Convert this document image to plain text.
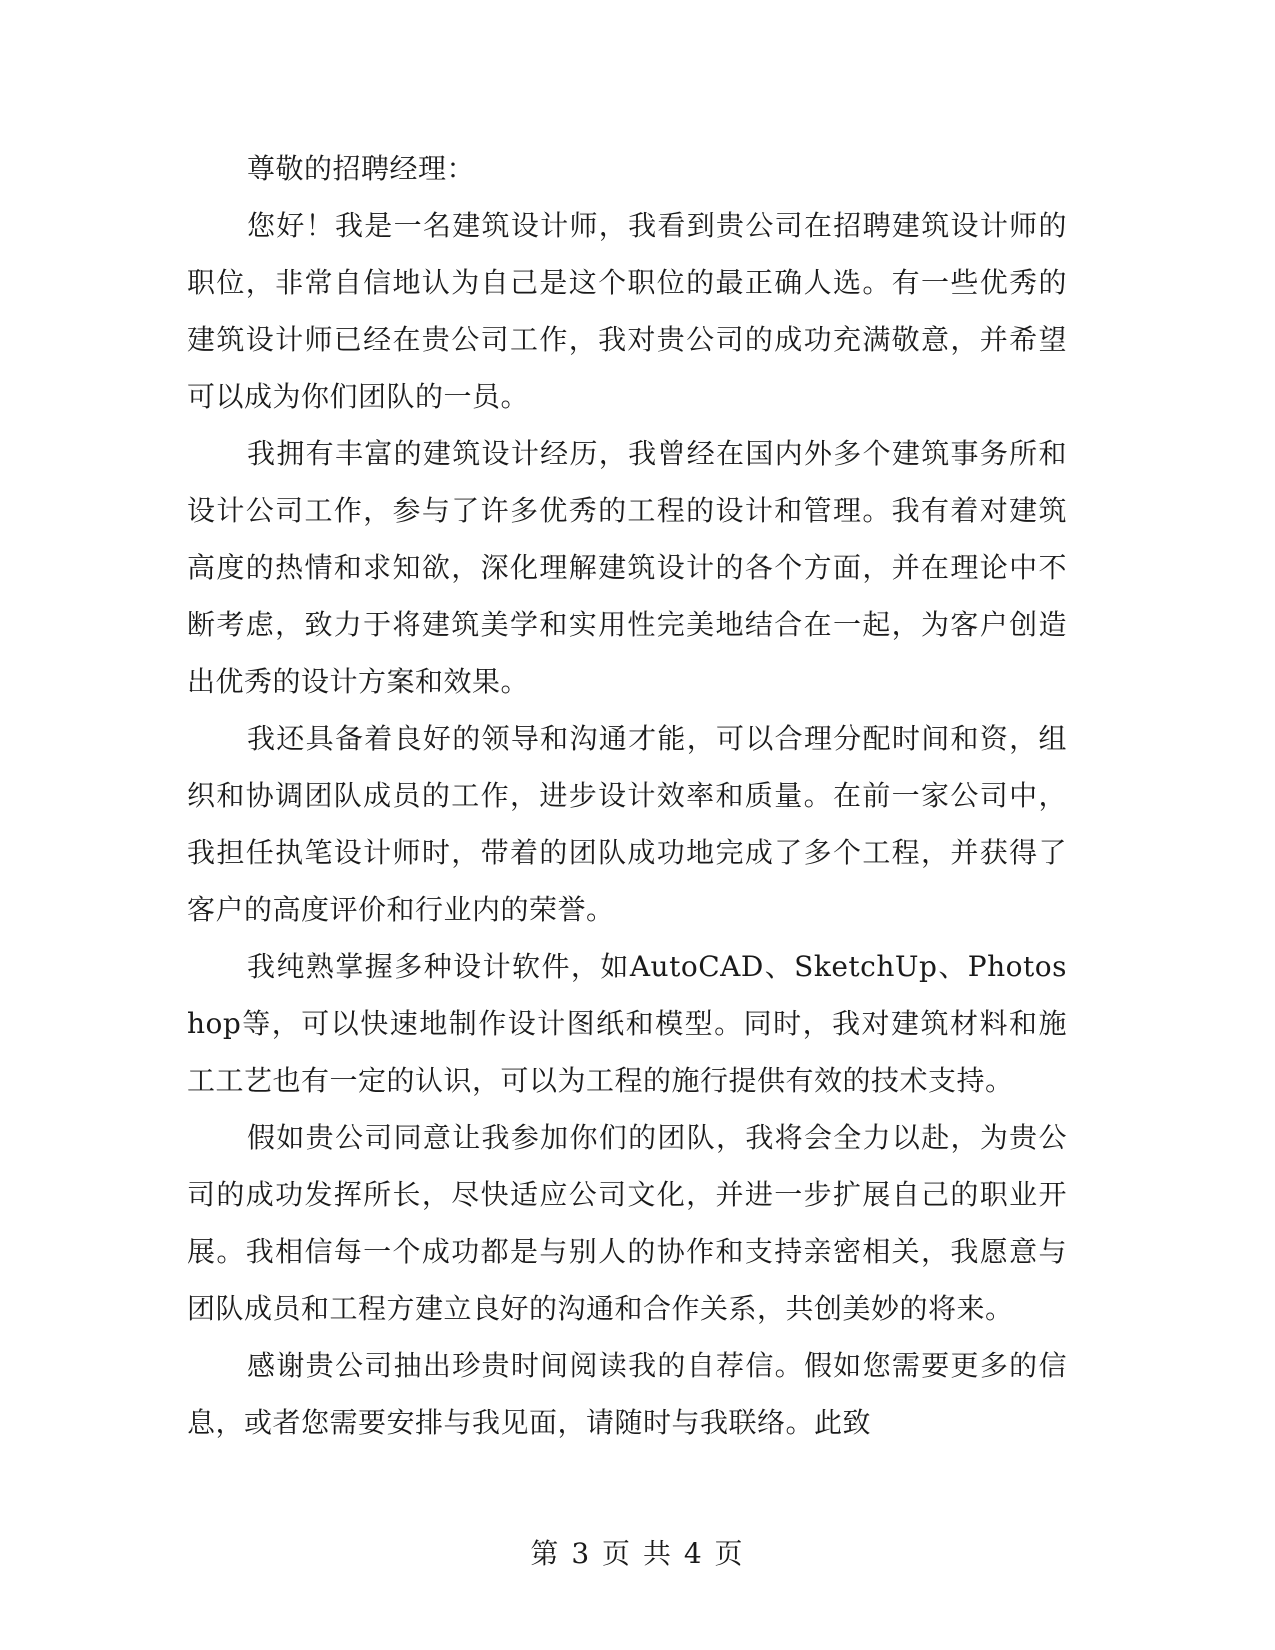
尊敬的招聘经理：

您好！我是一名建筑设计师，我看到贵公司在招聘建筑设计师的职位，非常自信地认为自己是这个职位的最正确人选。有一些优秀的建筑设计师已经在贵公司工作，我对贵公司的成功充满敬意，并希望可以成为你们团队的一员。

我拥有丰富的建筑设计经历，我曾经在国内外多个建筑事务所和设计公司工作，参与了许多优秀的工程的设计和管理。我有着对建筑高度的热情和求知欲，深化理解建筑设计的各个方面，并在理论中不断考虑，致力于将建筑美学和实用性完美地结合在一起，为客户创造出优秀的设计方案和效果。

我还具备着良好的领导和沟通才能，可以合理分配时间和资，组织和协调团队成员的工作，进步设计效率和质量。在前一家公司中，我担任执笔设计师时，带着的团队成功地完成了多个工程，并获得了客户的高度评价和行业内的荣誉。

我纯熟掌握多种设计软件，如AutoCAD、SketchUp、Photoshop等，可以快速地制作设计图纸和模型。同时，我对建筑材料和施工工艺也有一定的认识，可以为工程的施行提供有效的技术支持。

假如贵公司同意让我参加你们的团队，我将会全力以赴，为贵公司的成功发挥所长，尽快适应公司文化，并进一步扩展自己的职业开展。我相信每一个成功都是与别人的协作和支持亲密相关，我愿意与团队成员和工程方建立良好的沟通和合作关系，共创美妙的将来。

感谢贵公司抽出珍贵时间阅读我的自荐信。假如您需要更多的信息，或者您需要安排与我见面，请随时与我联络。此致

第 3 页 共 4 页
